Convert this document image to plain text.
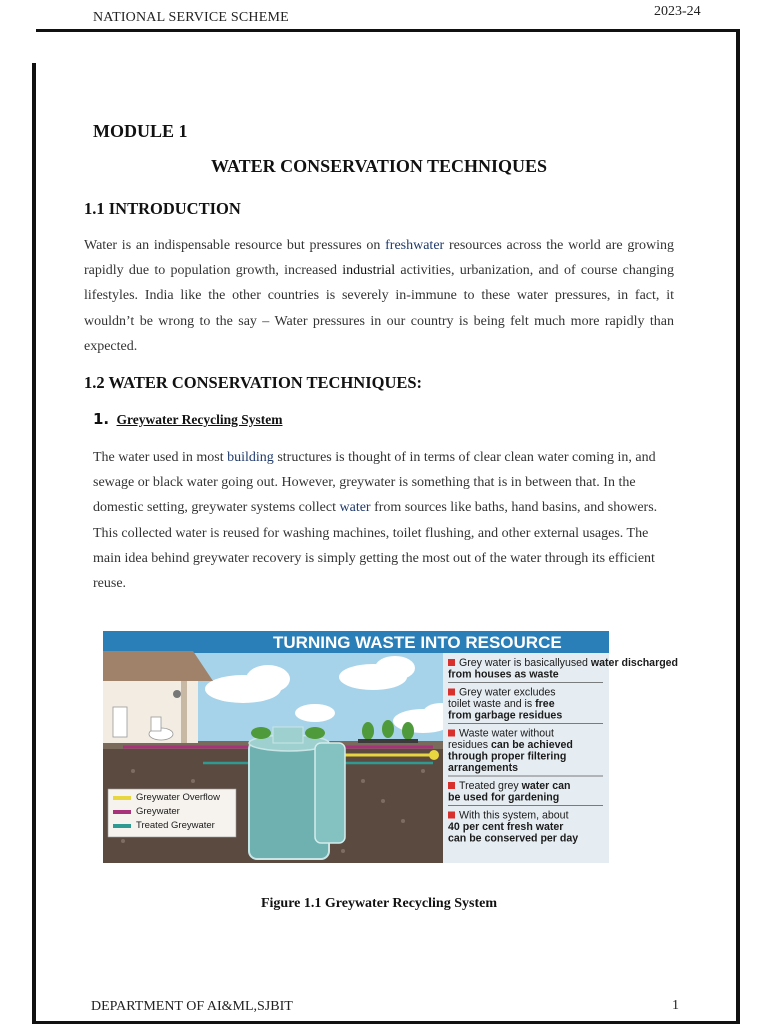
NATIONAL SERVICE SCHEME	2023-24
MODULE 1
WATER CONSERVATION TECHNIQUES
1.1 INTRODUCTION

Water is an indispensable resource but pressures on freshwater resources across the world are growing rapidly due to population growth, increased industrial activities, urbanization, and of course changing lifestyles. India like the other countries is severely in-immune to these water pressures, in fact, it wouldn’t be wrong to the say – Water pressures in our country is being felt much more rapidly than expected.

1.2 WATER CONSERVATION TECHNIQUES:
1. Greywater Recycling System

The water used in most building structures is thought of in terms of clear clean water coming in, and sewage or black water going out. However, greywater is something that is in between that. In the domestic setting, greywater systems collect water from sources like baths, hand basins, and showers. This collected water is reused for washing machines, toilet flushing, and other external usages. The main idea behind greywater recovery is simply getting the most out of the water through its efficient reuse.

TURNING WASTE INTO RESOURCE
Greywater Overflow
Greywater
Treated Greywater
Grey water is basicallyused water discharged
from houses as waste
Grey water excludes
toilet waste and is free
from garbage residues
Waste water without
residues can be achieved
through proper filtering
arrangements
Treated grey water can
be used for gardening
With this system, about
40 per cent fresh water
can be conserved per day
Figure 1.1 Greywater Recycling System
DEPARTMENT OF AI&ML,SJBIT	1
